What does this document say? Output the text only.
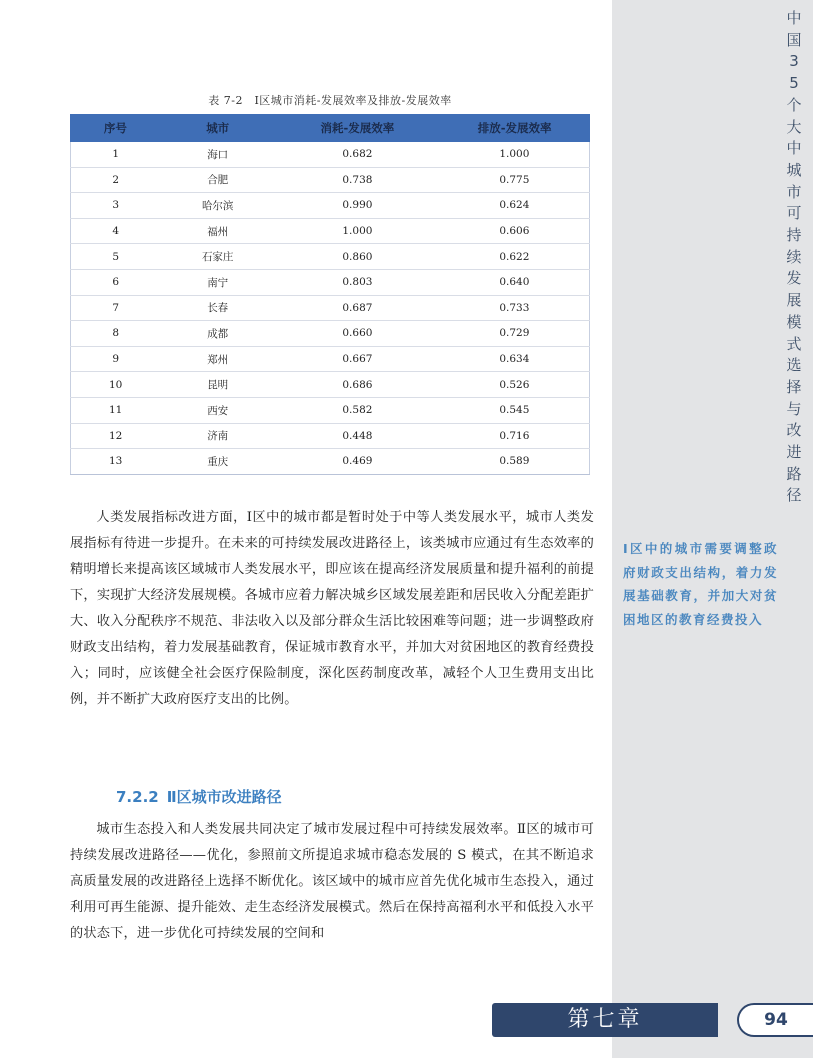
中
国
3
5
个
大
中
城
市
可
持
续
发
展
模
式
选
择
与
改
进
路
径
Ⅰ区中的城市需要调整政府财政支出结构，着力发展基础教育，并加大对贫困地区的教育经费投入
表 7-2　Ⅰ区城市消耗-发展效率及排放-发展效率
序号	城市	消耗-发展效率	排放-发展效率
1	海口	0.682	1.000
2	合肥	0.738	0.775
3	哈尔滨	0.990	0.624
4	福州	1.000	0.606
5	石家庄	0.860	0.622
6	南宁	0.803	0.640
7	长春	0.687	0.733
8	成都	0.660	0.729
9	郑州	0.667	0.634
10	昆明	0.686	0.526
11	西安	0.582	0.545
12	济南	0.448	0.716
13	重庆	0.469	0.589
人类发展指标改进方面，Ⅰ区中的城市都是暂时处于中等人类发展水平，城市人类发展指标有待进一步提升。在未来的可持续发展改进路径上，该类城市应通过有生态效率的精明增长来提高该区域城市人类发展水平，即应该在提高经济发展质量和提升福利的前提下，实现扩大经济发展规模。各城市应着力解决城乡区域发展差距和居民收入分配差距扩大、收入分配秩序不规范、非法收入以及部分群众生活比较困难等问题；进一步调整政府财政支出结构，着力发展基础教育，保证城市教育水平，并加大对贫困地区的教育经费投入；同时，应该健全社会医疗保险制度，深化医药制度改革，减轻个人卫生费用支出比例，并不断扩大政府医疗支出的比例。
7.2.2 Ⅱ区城市改进路径
城市生态投入和人类发展共同决定了城市发展过程中可持续发展效率。Ⅱ区的城市可持续发展改进路径——优化，参照前文所提追求城市稳态发展的 S 模式，在其不断追求高质量发展的改进路径上选择不断优化。该区域中的城市应首先优化城市生态投入，通过利用可再生能源、提升能效、走生态经济发展模式。然后在保持高福利水平和低投入水平的状态下，进一步优化可持续发展的空间和
第七章	94
